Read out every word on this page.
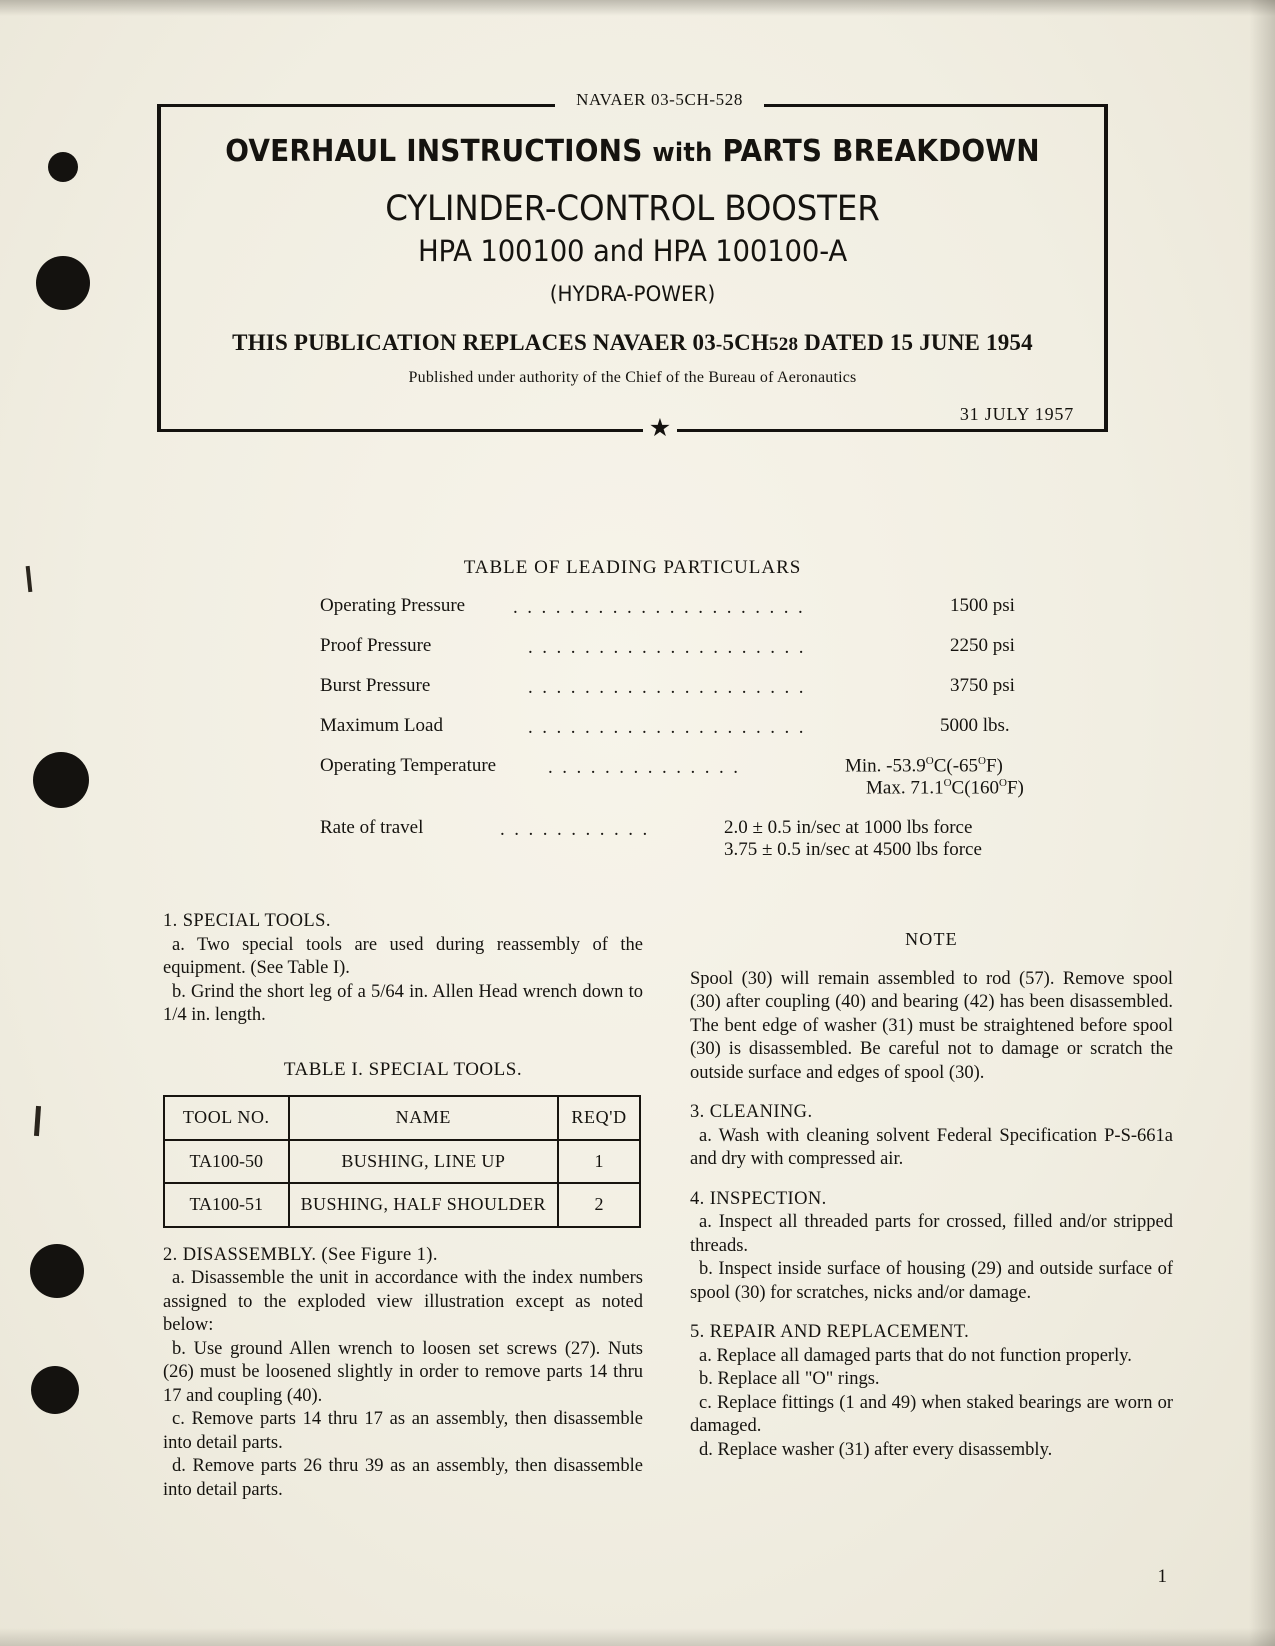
NAVAER 03-5CH-528
OVERHAUL INSTRUCTIONS with PARTS BREAKDOWN
CYLINDER-CONTROL BOOSTER
HPA 100100 and HPA 100100-A
(HYDRA-POWER)
THIS PUBLICATION REPLACES NAVAER 03-5CH528 DATED 15 JUNE 1954
Published under authority of the Chief of the Bureau of Aeronautics
31 JULY 1957
★
TABLE OF LEADING PARTICULARS
Operating Pressure	.....................	1500 psi
Proof Pressure	....................	2250 psi
Burst Pressure	....................	3750 psi
Maximum Load	....................	5000 lbs.
Operating Temperature	..............	Min. $-53.9^OC(-65^OF)$
Max. $71.1^OC(160^OF)$
Rate of travel	...........	2.0 ± 0.5 in/sec at 1000 lbs force
3.75 ± 0.5 in/sec at 4500 lbs force
1. SPECIAL TOOLS.

a. Two special tools are used during reassembly of the equipment. (See Table I).

b. Grind the short leg of a 5/64 in. Allen Head wrench down to 1/4 in. length.

TABLE I. SPECIAL TOOLS.
TOOL NO.	NAME	REQ'D
TA100-50	BUSHING, LINE UP	1
TA100-51	BUSHING, HALF SHOULDER	2
2. DISASSEMBLY. (See Figure 1).

a. Disassemble the unit in accordance with the index numbers assigned to the exploded view illustration except as noted below:

b. Use ground Allen wrench to loosen set screws (27). Nuts (26) must be loosened slightly in order to remove parts 14 thru 17 and coupling (40).

c. Remove parts 14 thru 17 as an assembly, then disassemble into detail parts.

d. Remove parts 26 thru 39 as an assembly, then disassemble into detail parts.

NOTE

Spool (30) will remain assembled to rod (57). Remove spool (30) after coupling (40) and bearing (42) has been disassembled. The bent edge of washer (31) must be straightened before spool (30) is disassembled. Be careful not to damage or scratch the outside surface and edges of spool (30).

3. CLEANING.

a. Wash with cleaning solvent Federal Specification P-S-661a and dry with compressed air.

4. INSPECTION.

a. Inspect all threaded parts for crossed, filled and/or stripped threads.

b. Inspect inside surface of housing (29) and outside surface of spool (30) for scratches, nicks and/or damage.

5. REPAIR AND REPLACEMENT.

a. Replace all damaged parts that do not function properly.

b. Replace all "O" rings.

c. Replace fittings (1 and 49) when staked bearings are worn or damaged.

d. Replace washer (31) after every disassembly.

1
